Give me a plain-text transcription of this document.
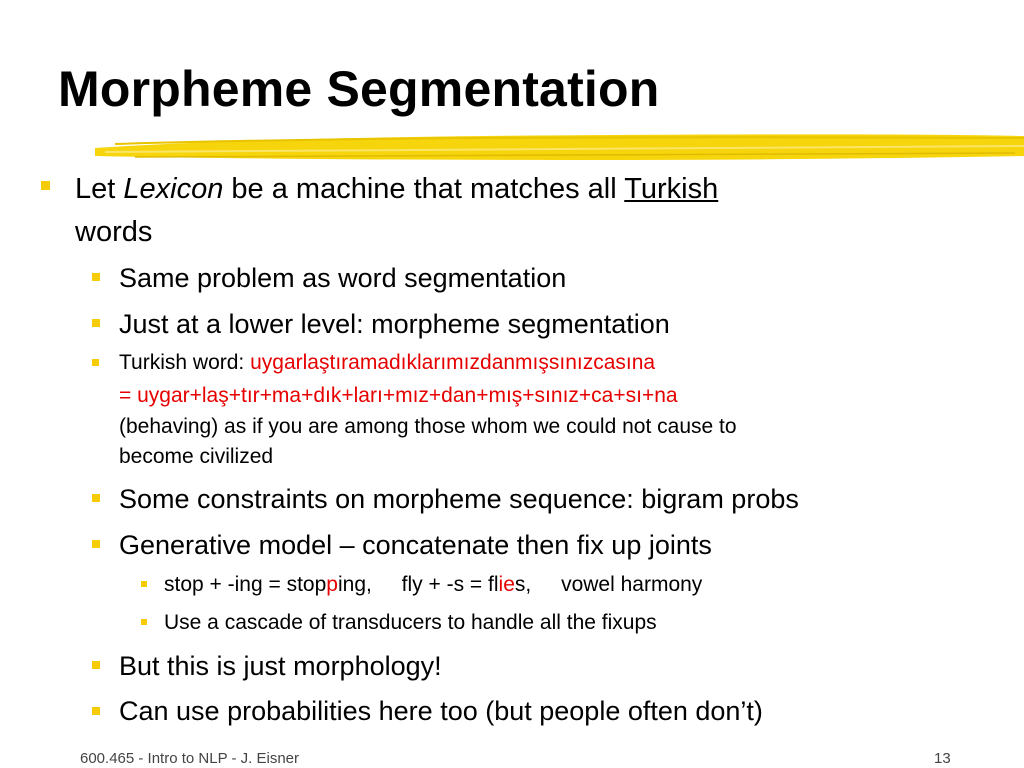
Morpheme Segmentation
Let Lexicon be a machine that matches all Turkish
words
Same problem as word segmentation
Just at a lower level: morpheme segmentation
Turkish word: uygarlaştıramadıklarımızdanmışsınızcasına
= uygar+laş+tır+ma+dık+ları+mız+dan+mış+sınız+ca+sı+na
(behaving) as if you are among those whom we could not cause to
become civilized
Some constraints on morpheme sequence: bigram probs
Generative model – concatenate then fix up joints
stop + -ing = stopping, fly + -s = flies, vowel harmony
Use a cascade of transducers to handle all the fixups
But this is just morphology!
Can use probabilities here too (but people often don’t)
600.465 - Intro to NLP - J. Eisner	13
